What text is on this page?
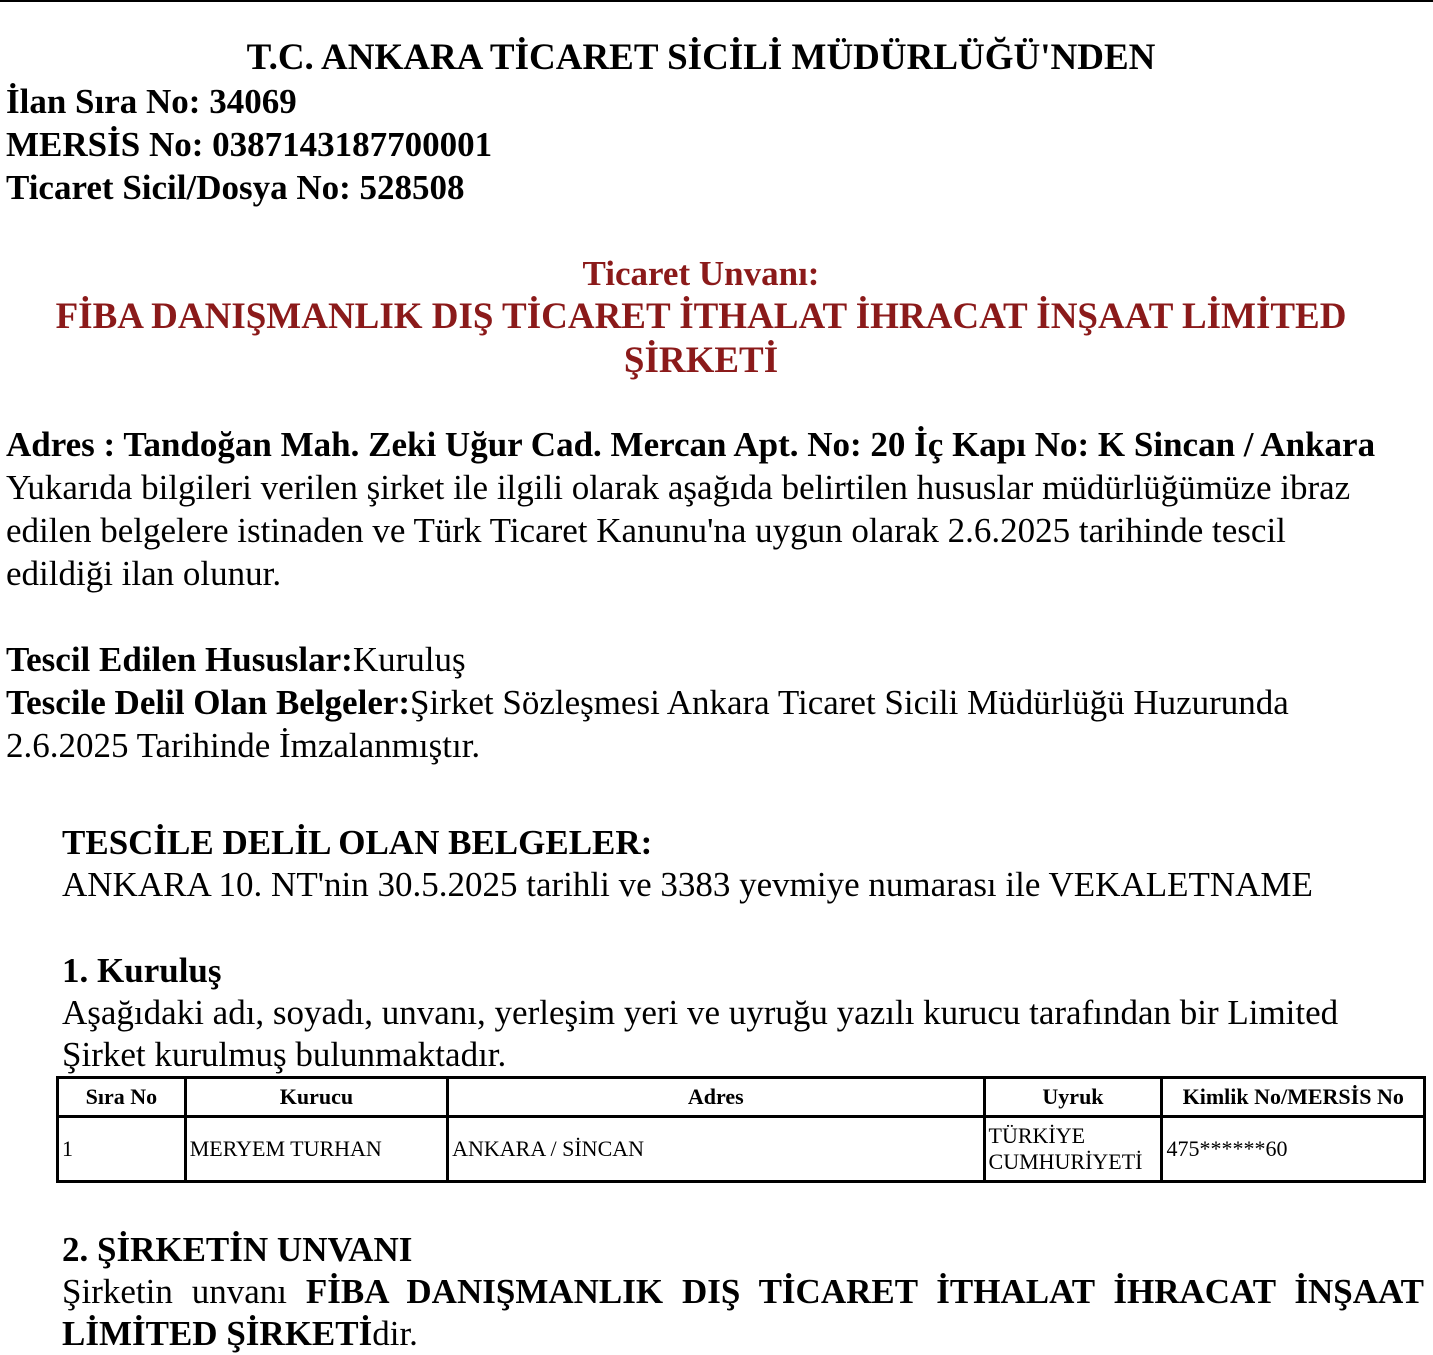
T.C. ANKARA TİCARET SİCİLİ MÜDÜRLÜĞÜ'NDEN
İlan Sıra No: 34069
MERSİS No: 0387143187700001
Ticaret Sicil/Dosya No: 528508
Ticaret Unvanı:
FİBA DANIŞMANLIK DIŞ TİCARET İTHALAT İHRACAT İNŞAAT LİMİTED
ŞİRKETİ
Adres : Tandoğan Mah. Zeki Uğur Cad. Mercan Apt. No: 20 İç Kapı No: K Sincan / Ankara
Yukarıda bilgileri verilen şirket ile ilgili olarak aşağıda belirtilen hususlar müdürlüğümüze ibraz edilen belgelere istinaden ve Türk Ticaret Kanunu'na uygun olarak 2.6.2025 tarihinde tescil edildiği ilan olunur.
Tescil Edilen Hususlar:Kuruluş
Tescile Delil Olan Belgeler:Şirket Sözleşmesi Ankara Ticaret Sicili Müdürlüğü Huzurunda 2.6.2025 Tarihinde İmzalanmıştır.
TESCİLE DELİL OLAN BELGELER:
ANKARA 10. NT'nin 30.5.2025 tarihli ve 3383 yevmiye numarası ile VEKALETNAME
1. Kuruluş
Aşağıdaki adı, soyadı, unvanı, yerleşim yeri ve uyruğu yazılı kurucu tarafından bir Limited Şirket kurulmuş bulunmaktadır.
Sıra No	Kurucu	Adres	Uyruk	Kimlik No/MERSİS No
1	MERYEM TURHAN	ANKARA / SİNCAN	TÜRKİYE CUMHURİYETİ	475******60
2. ŞİRKETİN UNVANI
Şirketin unvanı FİBA DANIŞMANLIK DIŞ TİCARET İTHALAT İHRACAT İNŞAAT LİMİTED ŞİRKETİdir.
